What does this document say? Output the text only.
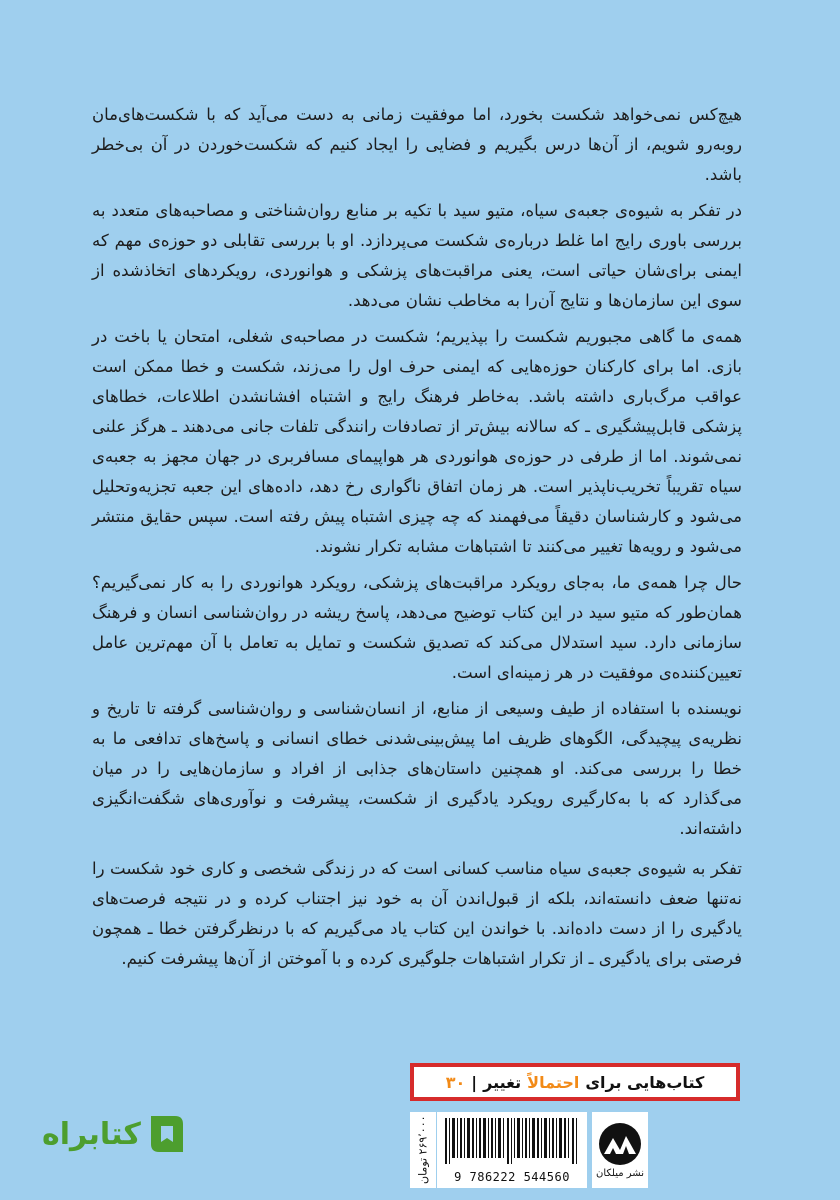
هیچ‌کس نمی‌خواهد شکست بخورد، اما موفقیت زمانی به دست می‌آید که با شکست‌های‌مان روبه‌رو شویم، از آن‌ها درس بگیریم و فضایی را ایجاد کنیم که شکست‌خوردن در آن بی‌خطر باشد.

در تفکر به شیوه‌ی جعبه‌ی سیاه، متیو سید با تکیه بر منابع روان‌شناختی و مصاحبه‌های متعدد به بررسی باوری رایج اما غلط درباره‌ی شکست می‌پردازد. او با بررسی تقابلی دو حوزه‌ی مهم که ایمنی برای‌شان حیاتی است، یعنی مراقبت‌های پزشکی و هوانوردی، رویکردهای اتخاذشده از سوی این سازمان‌ها و نتایج آن‌را به مخاطب نشان می‌دهد.

همه‌ی ما گاهی مجبوریم شکست را بپذیریم؛ شکست در مصاحبه‌ی شغلی، امتحان یا باخت در بازی. اما برای کارکنان حوزه‌هایی که ایمنی حرف اول را می‌زند، شکست و خطا ممکن است عواقب مرگ‌باری داشته باشد. به‌خاطر فرهنگ رایج و اشتباه افشانشدن اطلاعات، خطاهای پزشکی قابل‌پیشگیری ـ که سالانه بیش‌تر از تصادفات رانندگی تلفات جانی می‌دهند ـ هرگز علنی نمی‌شوند. اما از طرفی در حوزه‌ی هوانوردی هر هواپیمای مسافربری در جهان مجهز به جعبه‌ی سیاه تقریباً تخریب‌ناپذیر است. هر زمان اتفاق ناگواری رخ دهد، داده‌های این جعبه تجزیه‌وتحلیل می‌شود و کارشناسان دقیقاً می‌فهمند که چه چیزی اشتباه پیش رفته است. سپس حقایق منتشر می‌شود و رویه‌ها تغییر می‌کنند تا اشتباهات مشابه تکرار نشوند.

حال چرا همه‌ی ما، به‌جای رویکرد مراقبت‌های پزشکی، رویکرد هوانوردی را به کار نمی‌گیریم؟ همان‌طور که متیو سید در این کتاب توضیح می‌دهد، پاسخ ریشه در روان‌شناسی انسان و فرهنگ سازمانی دارد. سید استدلال می‌کند که تصدیق شکست و تمایل به تعامل با آن مهم‌ترین عامل تعیین‌کننده‌ی موفقیت در هر زمینه‌ای است.

نویسنده با استفاده از طیف وسیعی از منابع، از انسان‌شناسی و روان‌شناسی گرفته تا تاریخ و نظریه‌ی پیچیدگی، الگوهای ظریف اما پیش‌بینی‌شدنی خطای انسانی و پاسخ‌های تدافعی ما به خطا را بررسی می‌کند. او همچنین داستان‌های جذابی از افراد و سازمان‌هایی را در میان می‌گذارد که با به‌کارگیری رویکرد یادگیری از شکست، پیشرفت و نوآوری‌های شگفت‌انگیزی داشته‌اند.

تفکر به شیوه‌ی جعبه‌ی سیاه مناسب کسانی است که در زندگی شخصی و کاری خود شکست را نه‌تنها ضعف دانسته‌اند، بلکه از قبول‌اندن آن به خود نیز اجتناب کرده و در نتیجه فرصت‌های یادگیری را از دست داده‌اند. با خواندن این کتاب یاد می‌گیریم که با درنظرگرفتن خطا ـ همچون فرصتی برای یادگیری ـ از تکرار اشتباهات جلوگیری کرده و با آموختن از آن‌ها پیشرفت کنیم.

کتاب‌هایی برای
احتمالاً
تغییر
|
۳۰
۲۶۹٬۰۰۰ تومان
9 786222 544560	نشر میلکان
کتابراه
